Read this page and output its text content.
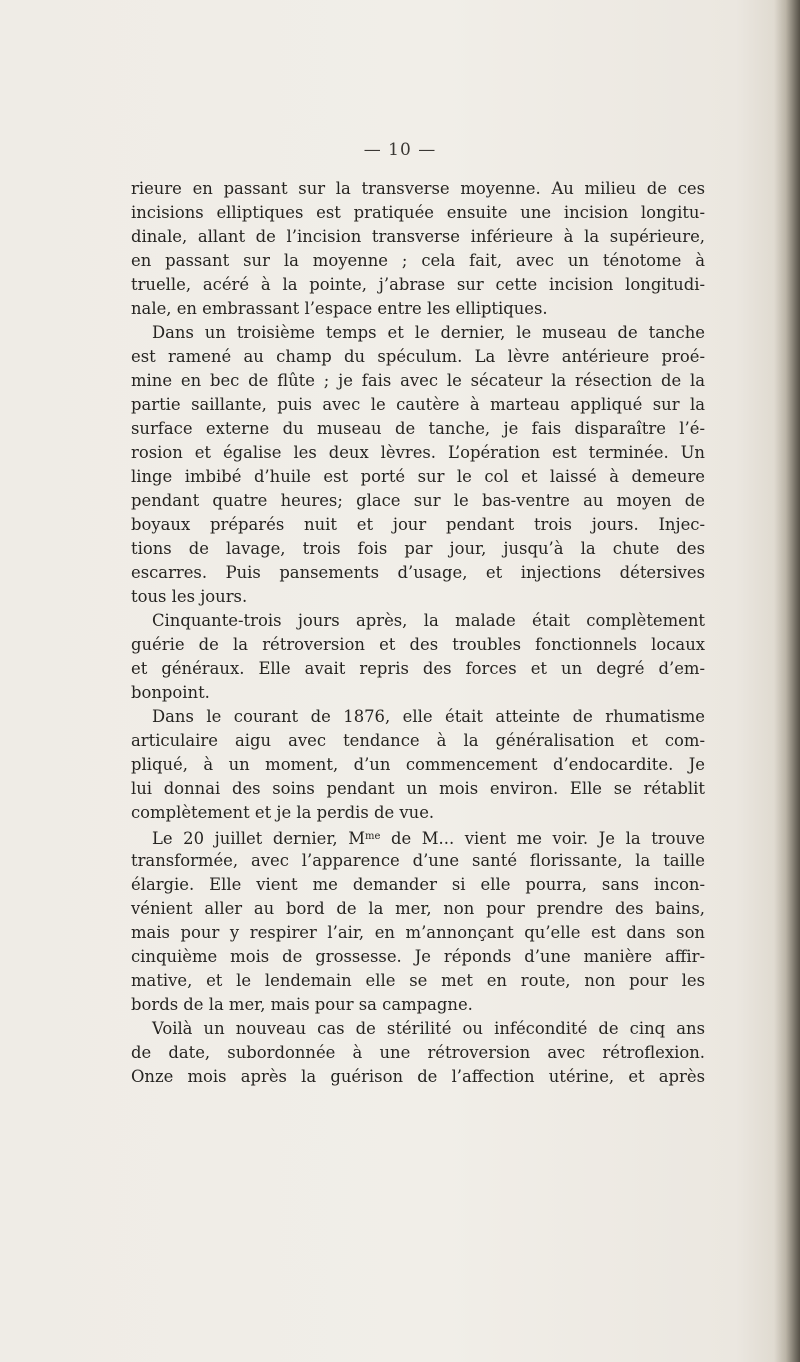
— 10 —
rieure en passant sur la transverse moyenne. Au milieu de ces
incisions elliptiques est pratiquée ensuite une incision longitu-
dinale, allant de l’incision transverse inférieure à la supérieure,
en passant sur la moyenne ; cela fait, avec un ténotome à
truelle, acéré à la pointe, j’abrase sur cette incision longitudi-
nale, en embrassant l’espace entre les elliptiques.
Dans un troisième temps et le dernier, le museau de tanche
est ramené au champ du spéculum. La lèvre antérieure proé-
mine en bec de flûte ; je fais avec le sécateur la résection de la
partie saillante, puis avec le cautère à marteau appliqué sur la
surface externe du museau de tanche, je fais disparaître l’é-
rosion et égalise les deux lèvres. L’opération est terminée. Un
linge imbibé d’huile est porté sur le col et laissé à demeure
pendant quatre heures; glace sur le bas-ventre au moyen de
boyaux préparés nuit et jour pendant trois jours. Injec-
tions de lavage, trois fois par jour, jusqu’à la chute des
escarres. Puis pansements d’usage, et injections détersives
tous les jours.
Cinquante-trois jours après, la malade était complètement
guérie de la rétroversion et des troubles fonctionnels locaux
et généraux. Elle avait repris des forces et un degré d’em-
bonpoint.
Dans le courant de 1876, elle était atteinte de rhumatisme
articulaire aigu avec tendance à la généralisation et com-
pliqué, à un moment, d’un commencement d’endocardite. Je
lui donnai des soins pendant un mois environ. Elle se rétablit
complètement et je la perdis de vue.
Le 20 juillet dernier, $M^{me}$ de M... vient me voir. Je la trouve
transformée, avec l’apparence d’une santé florissante, la taille
élargie. Elle vient me demander si elle pourra, sans incon-
vénient aller au bord de la mer, non pour prendre des bains,
mais pour y respirer l’air, en m’annonçant qu’elle est dans son
cinquième mois de grossesse. Je réponds d’une manière affir-
mative, et le lendemain elle se met en route, non pour les
bords de la mer, mais pour sa campagne.
Voilà un nouveau cas de stérilité ou infécondité de cinq ans
de date, subordonnée à une rétroversion avec rétroflexion.
Onze mois après la guérison de l’affection utérine, et après
